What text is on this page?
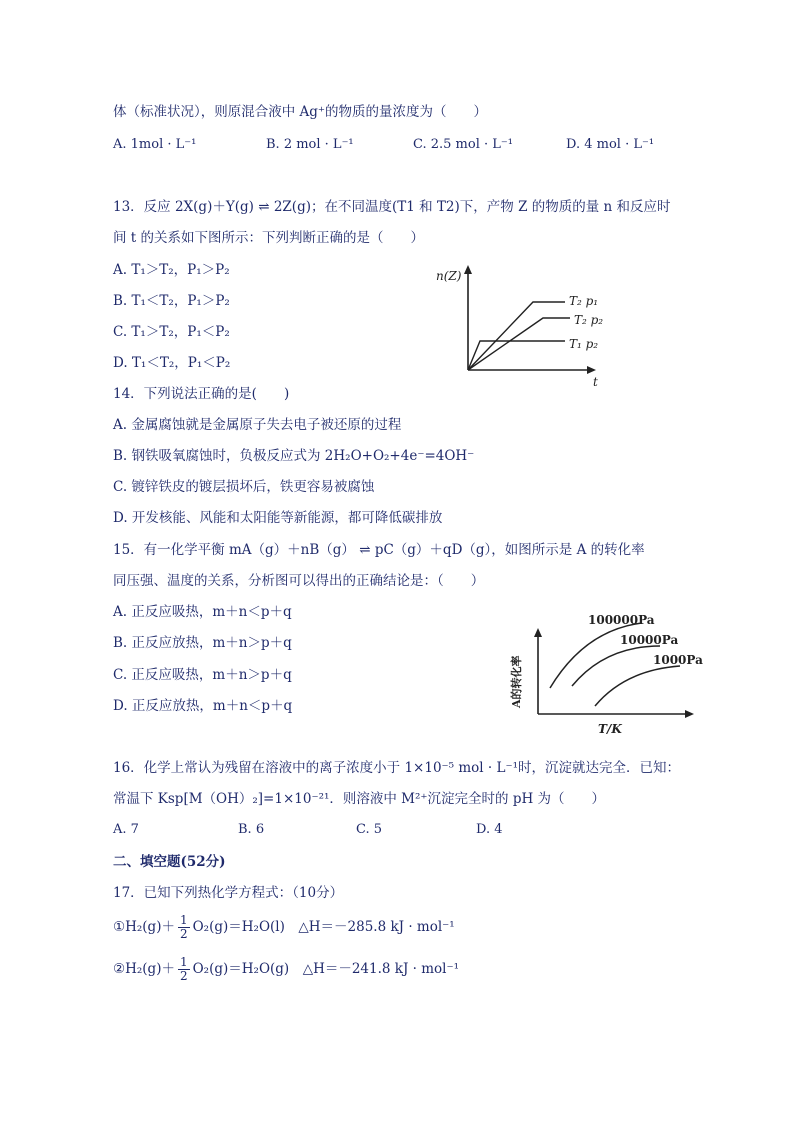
体（标准状况），则原混合液中 Ag⁺的物质的量浓度为（　　）
A. 1mol · L⁻¹	B. 2 mol · L⁻¹	C. 2.5 mol · L⁻¹	D. 4 mol · L⁻¹
13．反应 2X(g)＋Y(g) ⇌ 2Z(g)；在不同温度(T1 和 T2)下，产物 Z 的物质的量 n 和反应时
间 t 的关系如下图所示：下列判断正确的是（　　）
A. T₁＞T₂，P₁＞P₂
B. T₁＜T₂，P₁＞P₂
C. T₁＞T₂，P₁＜P₂
D. T₁＜T₂，P₁＜P₂
n(Z)
t
T₂ p₁
T₂ p₂
T₁ p₂
14．下列说法正确的是(　　)
A. 金属腐蚀就是金属原子失去电子被还原的过程
B. 钢铁吸氧腐蚀时，负极反应式为 2H₂O+O₂+4e⁻=4OH⁻
C. 镀锌铁皮的镀层损坏后，铁更容易被腐蚀
D. 开发核能、风能和太阳能等新能源，都可降低碳排放
15．有一化学平衡 mA（g）＋nB（g） ⇌ pC（g）＋qD（g），如图所示是 A 的转化率
同压强、温度的关系，分析图可以得出的正确结论是：（　　）
A. 正反应吸热，m＋n＜p＋q
B. 正反应放热，m＋n＞p＋q
C. 正反应吸热，m＋n＞p＋q
D. 正反应放热，m＋n＜p＋q	A的转化率
T/K
100000Pa
10000Pa
1000Pa
16．化学上常认为残留在溶液中的离子浓度小于 1×10⁻⁵ mol · L⁻¹时，沉淀就达完全．已知：
常温下 Ksp[M（OH）₂]=1×10⁻²¹．则溶液中 M²⁺沉淀完全时的 pH 为（　　）
A. 7	B. 6	C. 5	D. 4
二、填空题(52分)
17．已知下列热化学方程式：（10分）
①H₂(g)＋ $\frac{1}{2} O_2(g)=H_2O(l)$　△H＝－285.8 kJ · mol⁻¹
②H₂(g)＋ $\frac{1}{2} O_2(g)=H_2O(g)$　△H＝－241.8 kJ · mol⁻¹
